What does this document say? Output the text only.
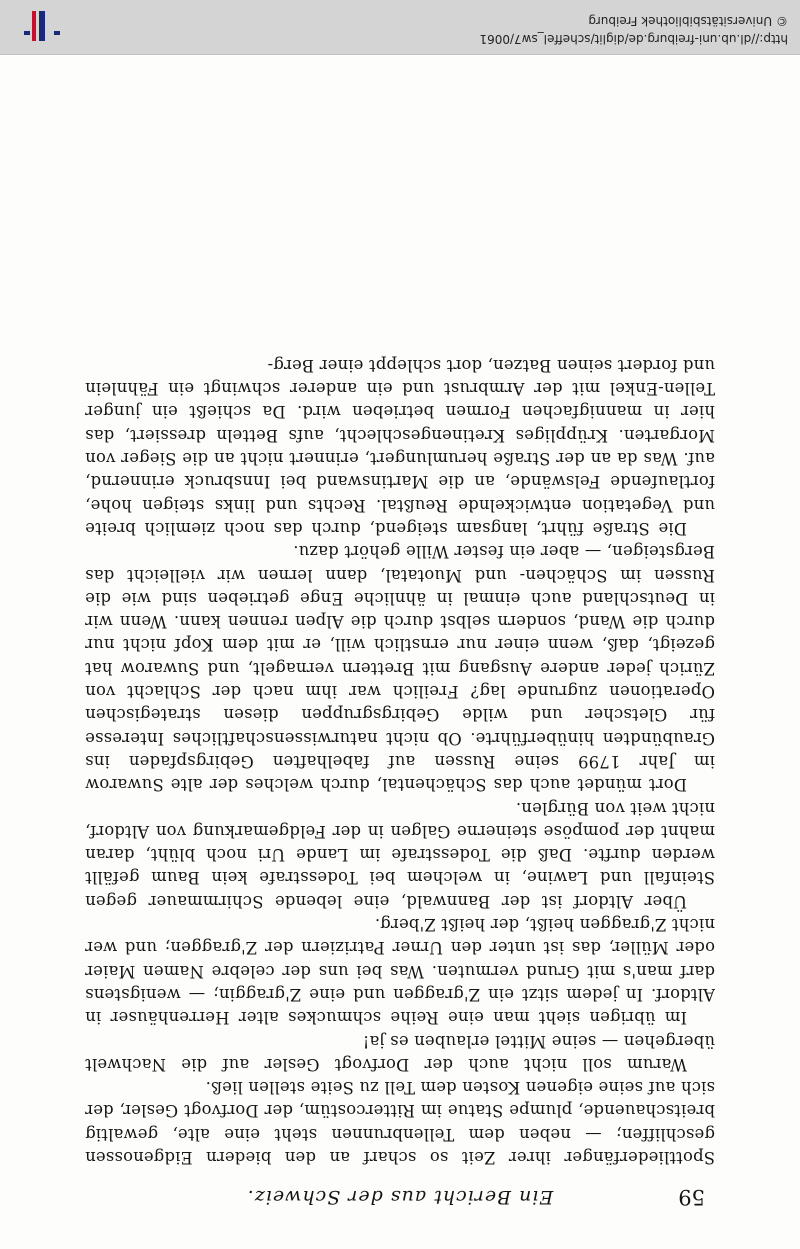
59
Ein Bericht aus der Schweiz.

Spottliederfänger ihrer Zeit so scharf an den biedern Eidgenossen geschliffen; — neben dem Tellenbrunnen steht eine alte, gewaltig breitschauende, plumpe Statue im Rittercostüm, der Dorfvogt Gesler, der sich auf seine eigenen Kosten dem Tell zu Seite stellen ließ.

Warum soll nicht auch der Dorfvogt Gesler auf die Nachwelt übergehen — seine Mittel erlauben es ja!

Im übrigen sieht man eine Reihe schmuckes alter Herrenhäuser in Altdorf. In jedem sitzt ein Z'graggen und eine Z'graggin; — wenigstens darf man's mit Grund vermuten. Was bei uns der celebre Namen Maier oder Müller, das ist unter den Urner Patriziern der Z'graggen; und wer nicht Z'graggen heißt, der heißt Z'berg.

Über Altdorf ist der Bannwald, eine lebende Schirmmauer gegen Steinfall und Lawine, in welchem bei Todesstrafe kein Baum gefällt werden durfte. Daß die Todesstrafe im Lande Uri noch blüht, daran mahnt der pompöse steinerne Galgen in der Feldgemarkung von Altdorf, nicht weit von Bürglen.

Dort mündet auch das Schächental, durch welches der alte Suwarow im Jahr 1799 seine Russen auf fabelhaften Gebirgspfaden ins Graubündten hinüberführte. Ob nicht naturwissenschaftliches Interesse für Gletscher und wilde Gebirgsgruppen diesen strategischen Operationen zugrunde lag? Freilich war ihm nach der Schlacht von Zürich jeder andere Ausgang mit Brettern vernagelt, und Suwarow hat gezeigt, daß, wenn einer nur ernstlich will, er mit dem Kopf nicht nur durch die Wand, sondern selbst durch die Alpen rennen kann. Wenn wir in Deutschland auch einmal in ähnliche Enge getrieben sind wie die Russen im Schächen- und Muotatal, dann lernen wir vielleicht das Bergsteigen, — aber ein fester Wille gehört dazu.

Die Straße führt, langsam steigend, durch das noch ziemlich breite und Vegetation entwickelnde Reußtal. Rechts und links steigen hohe, fortlaufende Felswände, an die Martinswand bei Innsbruck erinnernd, auf. Was da an der Straße herumlungert, erinnert nicht an die Sieger von Morgarten. Krüppliges Kretinengeschlecht, aufs Betteln dressiert, das hier in mannigfachen Formen betrieben wird. Da schießt ein junger Tellen-Enkel mit der Armbrust und ein anderer schwingt ein Fähnlein und fordert seinen Batzen, dort schleppt einer Berg-

http://dl.ub.uni-freiburg.de/diglit/scheffel_sw7/0061
© Universitätsbibliothek Freiburg
